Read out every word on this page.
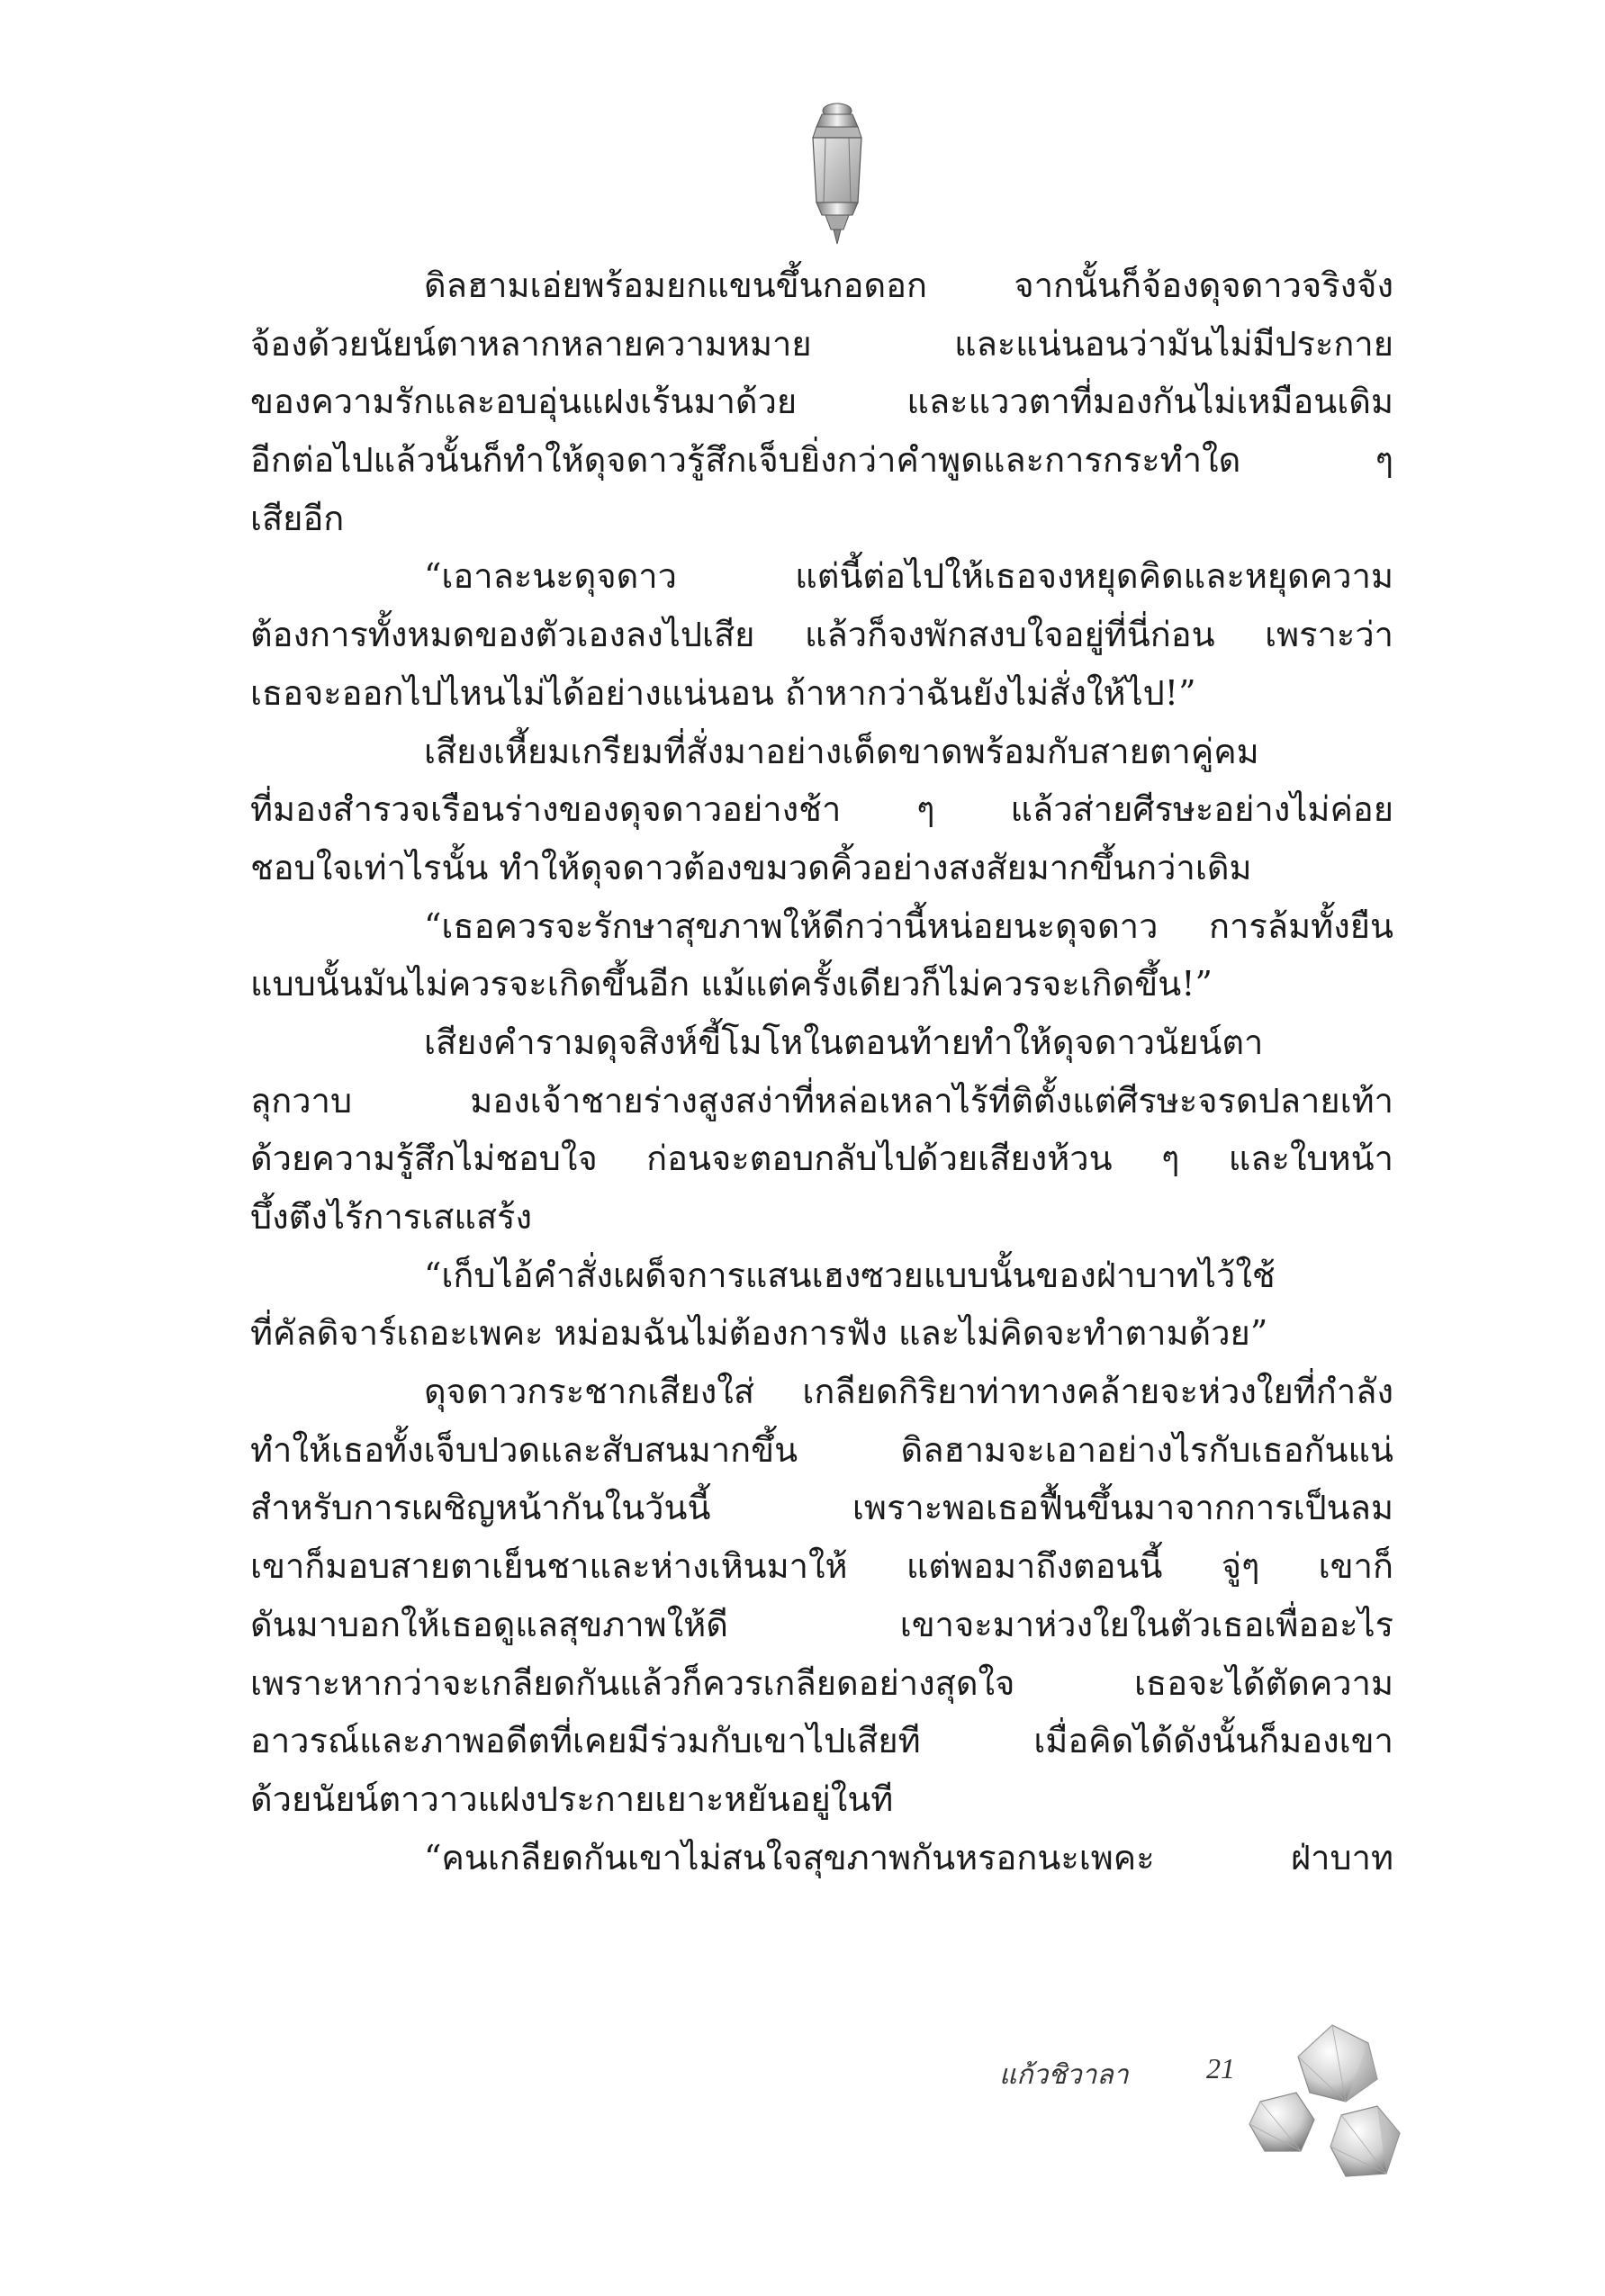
ดิลฮามเอ่ยพร้อมยกแขนขึ้นกอดอก จากนั้นก็จ้องดุจดาวจริงจัง
จ้องด้วยนัยน์ตาหลากหลายความหมาย และแน่นอนว่ามันไม่มีประกาย
ของความรักและอบอุ่นแฝงเร้นมาด้วย และแววตาที่มองกันไม่เหมือนเดิม
อีกต่อไปแล้วนั้นก็ทำให้ดุจดาวรู้สึกเจ็บยิ่งกว่าคำพูดและการกระทำใด ๆ
เสียอีก
“เอาละนะดุจดาว แต่นี้ต่อไปให้เธอจงหยุดคิดและหยุดความ
ต้องการทั้งหมดของตัวเองลงไปเสีย แล้วก็จงพักสงบใจอยู่ที่นี่ก่อน เพราะว่า
เธอจะออกไปไหนไม่ได้อย่างแน่นอน ถ้าหากว่าฉันยังไม่สั่งให้ไป!”
เสียงเหี้ยมเกรียมที่สั่งมาอย่างเด็ดขาดพร้อมกับสายตาคู่คม
ที่มองสำรวจเรือนร่างของดุจดาวอย่างช้า ๆ แล้วส่ายศีรษะอย่างไม่ค่อย
ชอบใจเท่าไรนั้น ทำให้ดุจดาวต้องขมวดคิ้วอย่างสงสัยมากขึ้นกว่าเดิม
“เธอควรจะรักษาสุขภาพให้ดีกว่านี้หน่อยนะดุจดาว การล้มทั้งยืน
แบบนั้นมันไม่ควรจะเกิดขึ้นอีก แม้แต่ครั้งเดียวก็ไม่ควรจะเกิดขึ้น!”
เสียงคำรามดุจสิงห์ขี้โมโหในตอนท้ายทำให้ดุจดาวนัยน์ตา
ลุกวาบ มองเจ้าชายร่างสูงสง่าที่หล่อเหลาไร้ที่ติตั้งแต่ศีรษะจรดปลายเท้า
ด้วยความรู้สึกไม่ชอบใจ ก่อนจะตอบกลับไปด้วยเสียงห้วน ๆ และใบหน้า
บึ้งตึงไร้การเสแสร้ง
“เก็บไอ้คำสั่งเผด็จการแสนเฮงซวยแบบนั้นของฝ่าบาทไว้ใช้
ที่คัลดิจาร์เถอะเพคะ หม่อมฉันไม่ต้องการฟัง และไม่คิดจะทำตามด้วย”
ดุจดาวกระชากเสียงใส่ เกลียดกิริยาท่าทางคล้ายจะห่วงใยที่กำลัง
ทำให้เธอทั้งเจ็บปวดและสับสนมากขึ้น ดิลฮามจะเอาอย่างไรกับเธอกันแน่
สำหรับการเผชิญหน้ากันในวันนี้ เพราะพอเธอฟื้นขึ้นมาจากการเป็นลม
เขาก็มอบสายตาเย็นชาและห่างเหินมาให้ แต่พอมาถึงตอนนี้ จู่ๆ เขาก็
ดันมาบอกให้เธอดูแลสุขภาพให้ดี เขาจะมาห่วงใยในตัวเธอเพื่ออะไร
เพราะหากว่าจะเกลียดกันแล้วก็ควรเกลียดอย่างสุดใจ เธอจะได้ตัดความ
อาวรณ์และภาพอดีตที่เคยมีร่วมกับเขาไปเสียที เมื่อคิดได้ดังนั้นก็มองเขา
ด้วยนัยน์ตาวาวแฝงประกายเยาะหยันอยู่ในที
“คนเกลียดกันเขาไม่สนใจสุขภาพกันหรอกนะเพคะ ฝ่าบาท
แก้วชิวาลา	21
